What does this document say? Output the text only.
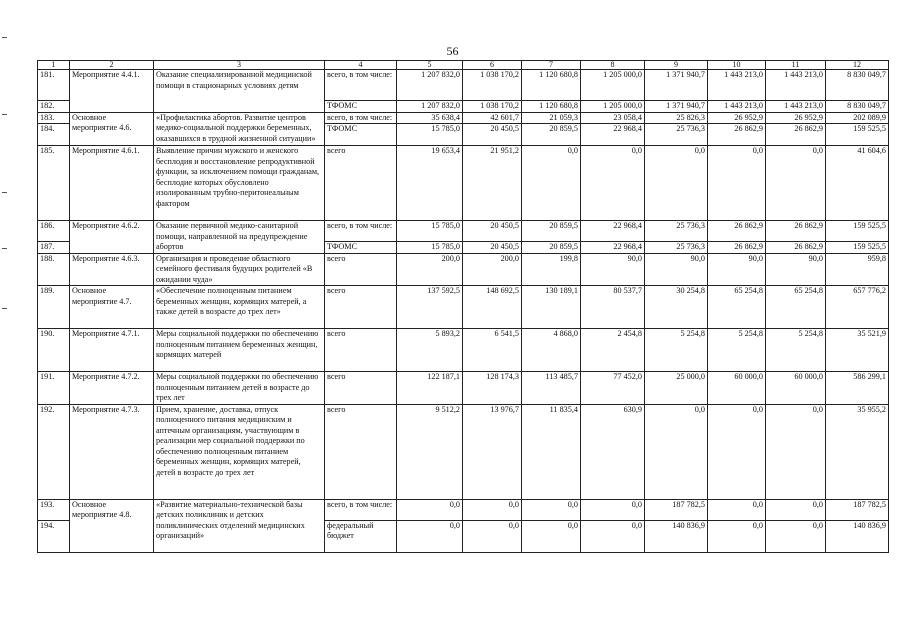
56
1	2	3	4	5	6	7	8	9	10	11	12
181.	Мероприятие 4.4.1.	Оказание специализированной медицинской помощи в стационарных условиях детям	всего, в том числе:	1 207 832,0	1 038 170,2	1 120 680,8	1 205 000,0	1 371 940,7	1 443 213,0	1 443 213,0	8 830 049,7
182.			ТФОМС	1 207 832,0	1 038 170,2	1 120 680,8	1 205 000,0	1 371 940,7	1 443 213,0	1 443 213,0	8 830 049,7
183.	Основное мероприятие 4.6.	«Профилактика абортов. Развитие центров медико-социальной поддержки беременных, оказавшихся в трудной жизненной ситуации»	всего, в том числе:	35 638,4	42 601,7	21 059,3	23 058,4	25 826,3	26 952,9	26 952,9	202 089,9
184.			ТФОМС	15 785,0	20 450,5	20 859,5	22 968,4	25 736,3	26 862,9	26 862,9	159 525,5
185.	Мероприятие 4.6.1.	Выявление причин мужского и женского бесплодия и восстановление репродуктивной функции, за исключением помощи гражданам, бесплодие которых обусловлено изолированным трубно-перитонеальным фактором	всего	19 653,4	21 951,2	0,0	0,0	0,0	0,0	0,0	41 604,6
186.	Мероприятие 4.6.2.	Оказание первичной медико-санитарной помощи, направленной на предупреждение абортов	всего, в том числе:	15 785,0	20 450,5	20 859,5	22 968,4	25 736,3	26 862,9	26 862,9	159 525,5
187.			ТФОМС	15 785,0	20 450,5	20 859,5	22 968,4	25 736,3	26 862,9	26 862,9	159 525,5
188.	Мероприятие 4.6.3.	Организация и проведение областного семейного фестиваля будущих родителей «В ожидании чуда»	всего	200,0	200,0	199,8	90,0	90,0	90,0	90,0	959,8
189.	Основное мероприятие 4.7.	«Обеспечение полноценным питанием беременных женщин, кормящих матерей, а также детей в возрасте до трех лет»	всего	137 592,5	148 692,5	130 189,1	80 537,7	30 254,8	65 254,8	65 254,8	657 776,2
190.	Мероприятие 4.7.1.	Меры социальной поддержки по обеспечению полноценным питанием беременных женщин, кормящих матерей	всего	5 893,2	6 541,5	4 868,0	2 454,8	5 254,8	5 254,8	5 254,8	35 521,9
191.	Мероприятие 4.7.2.	Меры социальной поддержки по обеспечению полноценным питанием детей в возрасте до трех лет	всего	122 187,1	128 174,3	113 485,7	77 452,0	25 000,0	60 000,0	60 000,0	586 299,1
192.	Мероприятие 4.7.3.	Прием, хранение, доставка, отпуск полноценного питания медицинским и аптечным организациям, участвующим в реализации мер социальной поддержки по обеспечению полноценным питанием беременных женщин, кормящих матерей, детей в возрасте до трех лет	всего	9 512,2	13 976,7	11 835,4	630,9	0,0	0,0	0,0	35 955,2
193.	Основное мероприятие 4.8.	«Развитие материально-технической базы детских поликлиник и детских поликлинических отделений медицинских организаций»	всего, в том числе:	0,0	0,0	0,0	0,0	187 782,5	0,0	0,0	187 782,5
194.			федеральный бюджет	0,0	0,0	0,0	0,0	140 836,9	0,0	0,0	140 836,9
